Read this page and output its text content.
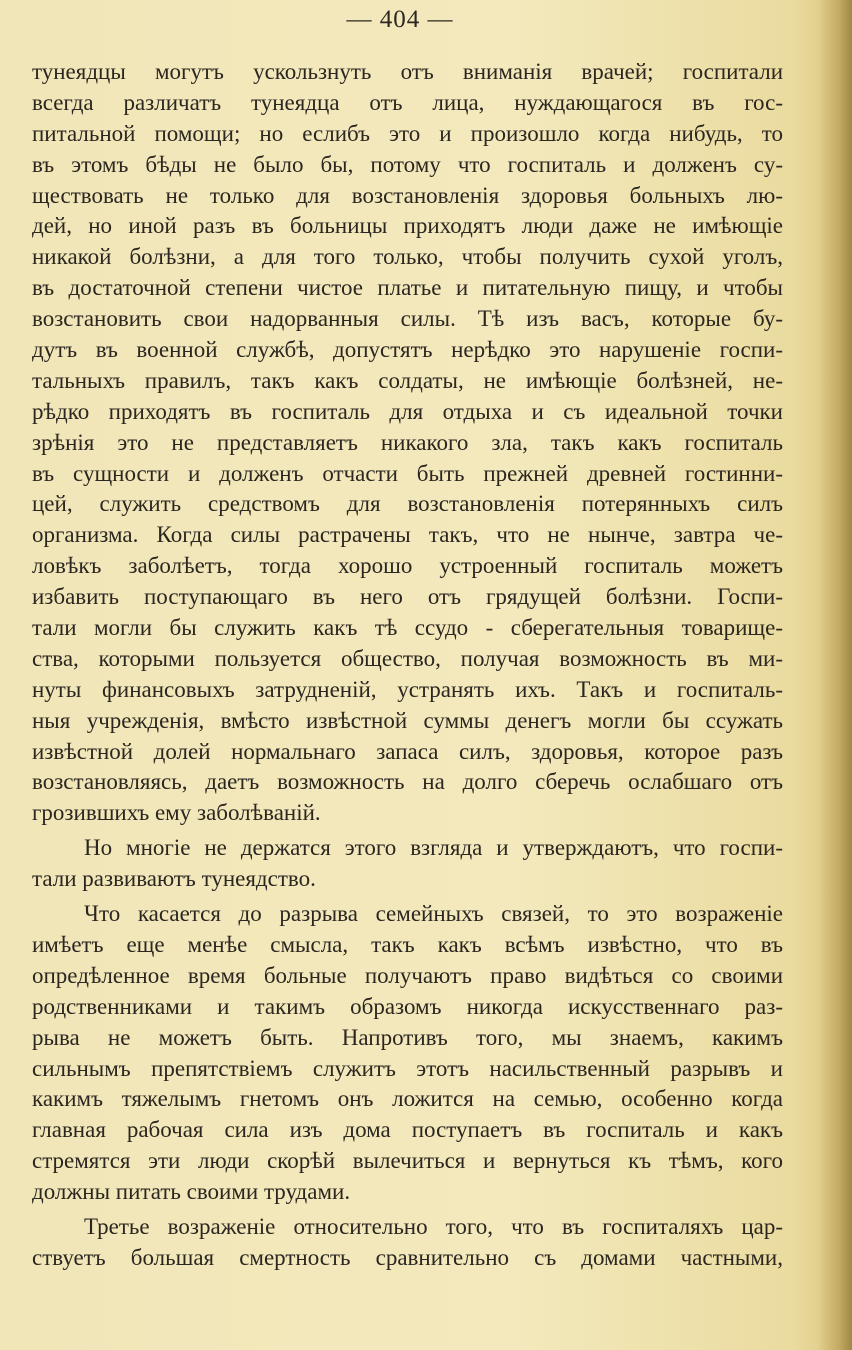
— 404 —
тунеядцы могутъ ускользнуть отъ вниманія врачей; госпитали
всегда различатъ тунеядца отъ лица, нуждающагося въ гос-
питальной помощи; но еслибъ это и произошло когда нибудь, то
въ этомъ бѣды не было бы, потому что госпиталь и долженъ су-
ществовать не только для возстановленія здоровья больныхъ лю-
дей, но иной разъ въ больницы приходятъ люди даже не имѣющіе
никакой болѣзни, а для того только, чтобы получить сухой уголъ,
въ достаточной степени чистое платье и питательную пищу, и чтобы
возстановить свои надорванныя силы. Тѣ изъ васъ, которые бу-
дутъ въ военной службѣ, допустятъ нерѣдко это нарушеніе госпи-
тальныхъ правилъ, такъ какъ солдаты, не имѣющіе болѣзней, не-
рѣдко приходятъ въ госпиталь для отдыха и съ идеальной точки
зрѣнія это не представляетъ никакого зла, такъ какъ госпиталь
въ сущности и долженъ отчасти быть прежней древней гостинни-
цей, служить средствомъ для возстановленія потерянныхъ силъ
организма. Когда силы растрачены такъ, что не нынче, завтра че-
ловѣкъ заболѣетъ, тогда хорошо устроенный госпиталь можетъ
избавить поступающаго въ него отъ грядущей болѣзни. Госпи-
тали могли бы служить какъ тѣ ссудо - сберегательныя товарище-
ства, которыми пользуется общество, получая возможность въ ми-
нуты финансовыхъ затрудненій, устранять ихъ. Такъ и госпиталь-
ныя учрежденія, вмѣсто извѣстной суммы денегъ могли бы ссужать
извѣстной долей нормальнаго запаса силъ, здоровья, которое разъ
возстановляясь, даетъ возможность на долго сберечь ослабшаго отъ
грозившихъ ему заболѣваній.
Но многіе не держатся этого взгляда и утверждаютъ, что госпи-
тали развиваютъ тунеядство.
Что касается до разрыва семейныхъ связей, то это возраженіе
имѣетъ еще менѣе смысла, такъ какъ всѣмъ извѣстно, что въ
опредѣленное время больные получаютъ право видѣться со своими
родственниками и такимъ образомъ никогда искусственнаго раз-
рыва не можетъ быть. Напротивъ того, мы знаемъ, какимъ
сильнымъ препятствіемъ служитъ этотъ насильственный разрывъ и
какимъ тяжелымъ гнетомъ онъ ложится на семью, особенно когда
главная рабочая сила изъ дома поступаетъ въ госпиталь и какъ
стремятся эти люди скорѣй вылечиться и вернуться къ тѣмъ, кого
должны питать своими трудами.
Третье возраженіе относительно того, что въ госпиталяхъ цар-
ствуетъ большая смертность сравнительно съ домами частными,
